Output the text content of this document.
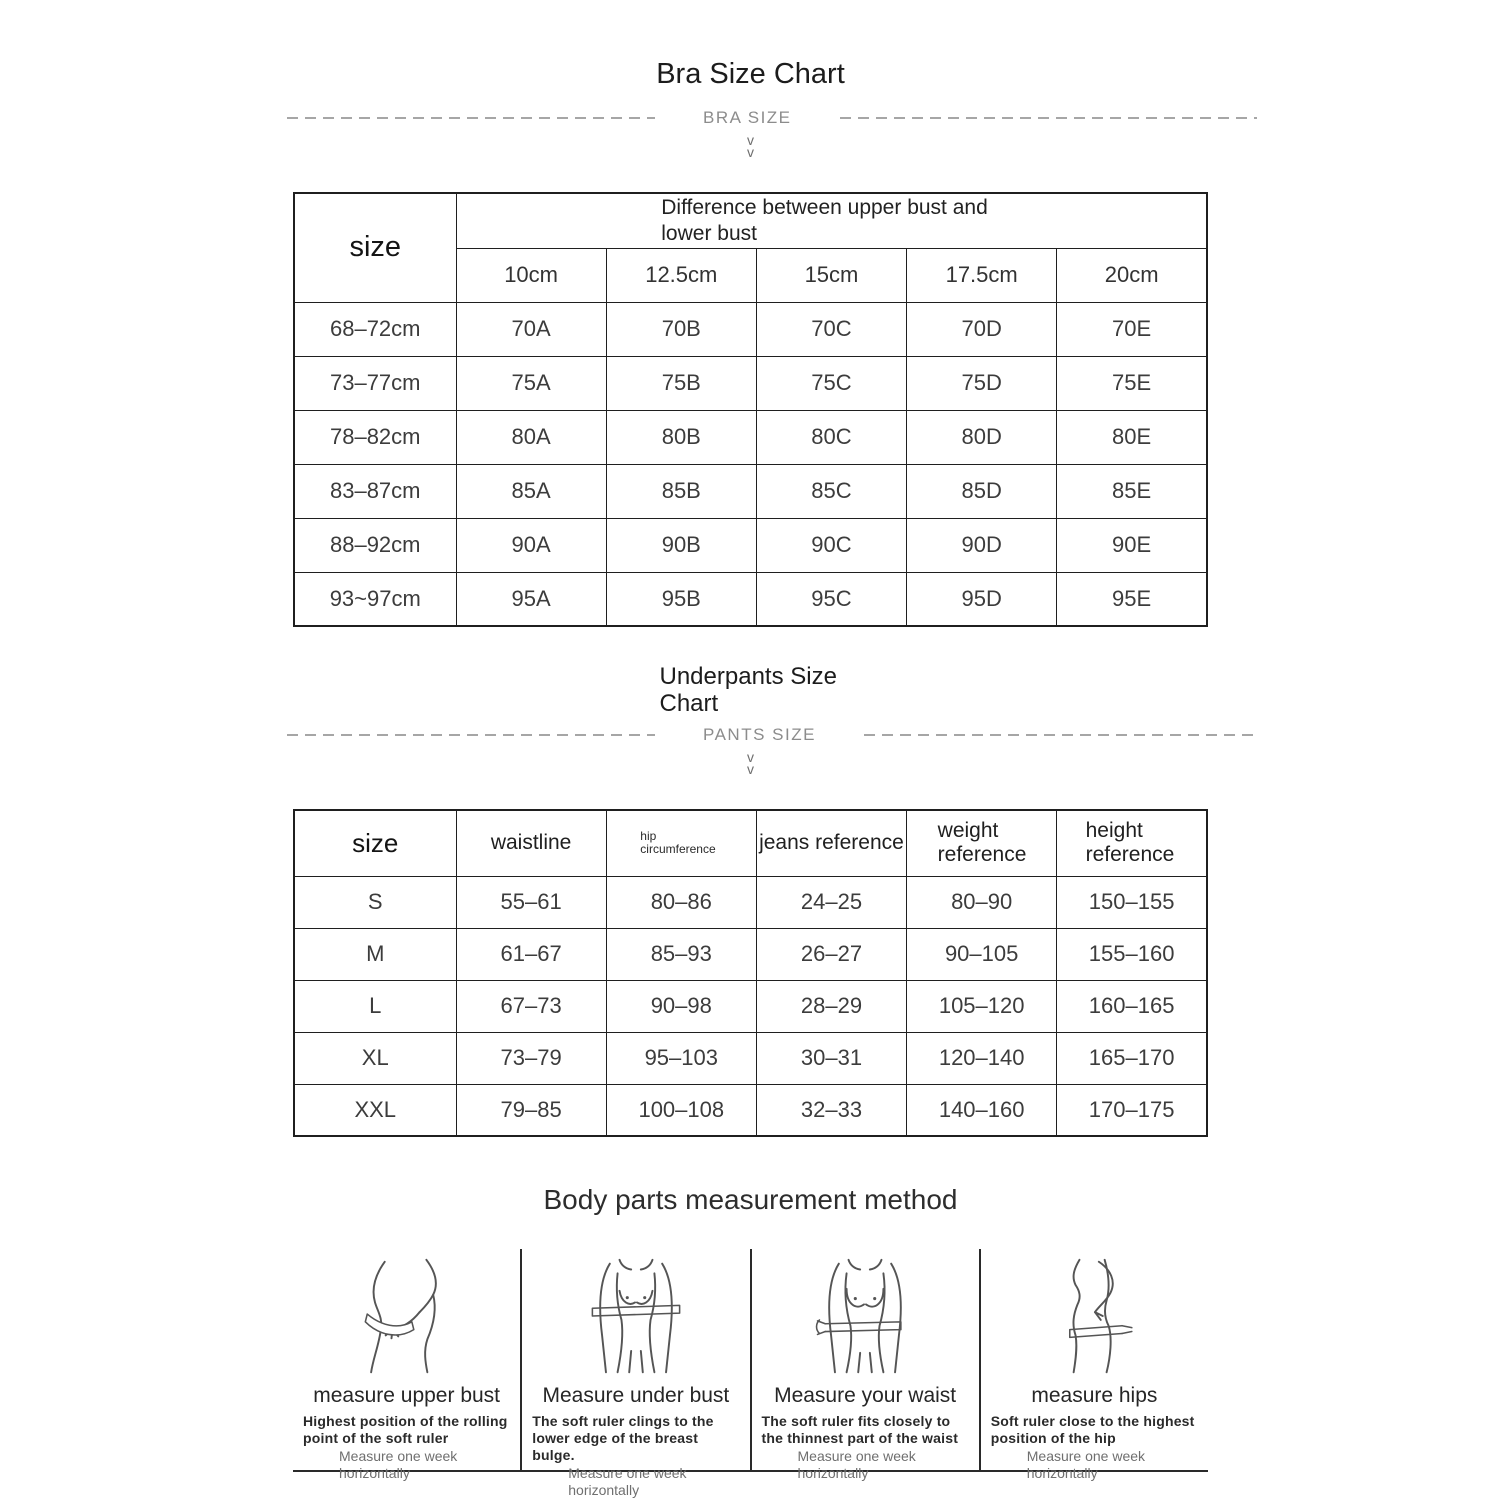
Bra Size Chart
BRA SIZE
v
v
size	Difference between upper bust and lower bust				

	10cm	12.5cm	15cm	17.5cm	20cm
68–72cm	70A	70B	70C	70D	70E
73–77cm	75A	75B	75C	75D	75E
78–82cm	80A	80B	80C	80D	80E
83–87cm	85A	85B	85C	85D	85E
88–92cm	90A	90B	90C	90D	90E
93~97cm	95A	95B	95C	95D	95E
Underpants Size Chart
PANTS SIZE
v
v
size	waistline	hip circumference	jeans reference	weight reference	height reference

S	55–61	80–86	24–25	80–90	150–155
M	61–67	85–93	26–27	90–105	155–160
L	67–73	90–98	28–29	105–120	160–165
XL	73–79	95–103	30–31	120–140	165–170
XXL	79–85	100–108	32–33	140–160	170–175
Body parts measurement method
measure upper bust
Highest position of the rolling point of the soft ruler
Measure one week horizontally
Measure under bust
The soft ruler clings to the lower edge of the breast bulge.
Measure one week horizontally
Measure your waist
The soft ruler fits closely to the thinnest part of the waist
Measure one week horizontally
measure hips
Soft ruler close to the highest position of the hip
Measure one week horizontally
